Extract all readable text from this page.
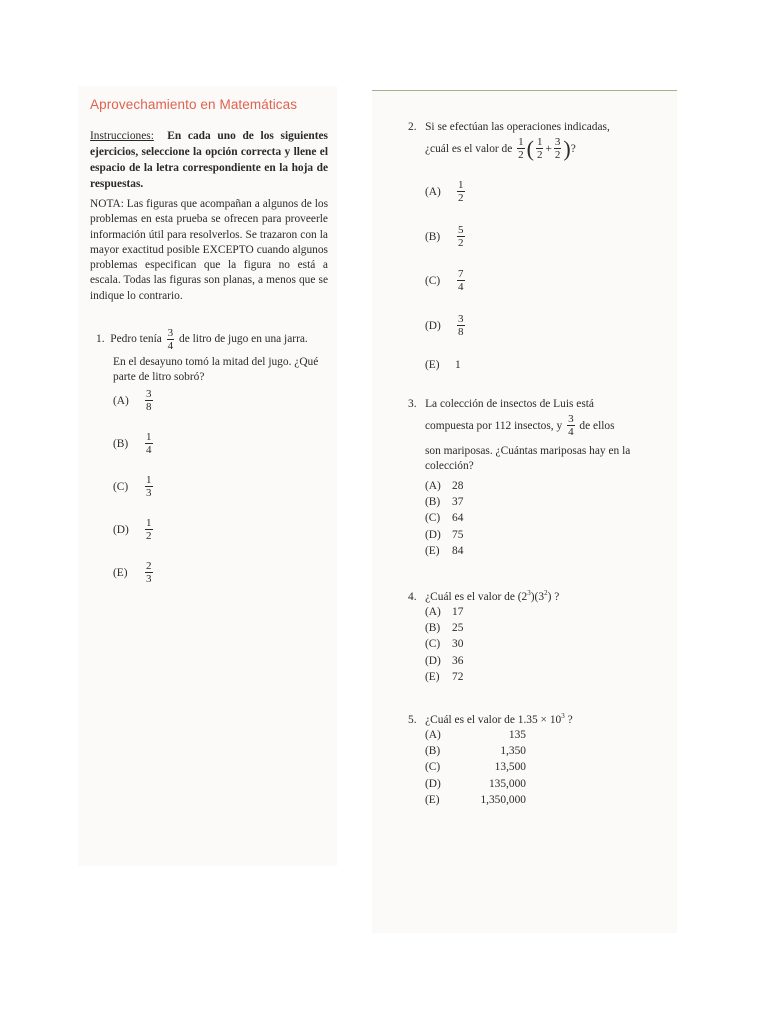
Aprovechamiento en Matemáticas
Instrucciones: En cada uno de los siguientes ejercicios, seleccione la opción correcta y llene el espacio de la letra correspondiente en la hoja de respuestas.
NOTA: Las figuras que acompañan a algunos de los problemas en esta prueba se ofrecen para proveerle información útil para resolverlos. Se trazaron con la mayor exactitud posible EXCEPTO cuando algunos problemas especifican que la figura no está a escala. Todas las figuras son planas, a menos que se indique lo contrario.
1. Pedro tenía $\frac{3}{4}$ de litro de jugo en una jarra.
En el desayuno tomó la mitad del jugo. ¿Qué
parte de litro sobró?
(A)	$\frac{3}{8}$
(B)	$\frac{1}{4}$
(C)	$\frac{1}{3}$
(D)	$\frac{1}{2}$
(E)	$\frac{2}{3}$
2. Si se efectúan las operaciones indicadas,
¿cuál es el valor de
$\frac{1}{2}$ ( $\frac{1}{2} + \frac{3}{2}$ ) ?
(A)	$\frac{1}{2}$
(B)	$\frac{5}{2}$
(C)	$\frac{7}{4}$
(D)	$\frac{3}{8}$
(E)	1
3. La colección de insectos de Luis está
compuesta por 112 insectos, y
$\frac{3}{4}$
de ellos
son mariposas. ¿Cuántas mariposas hay en la
colección?
(A) 28
(B)	37
(C)	64
(D) 75
(E)	84
4. ¿Cuál es el valor de $(2^3)(3^2)$ ?
(A) 17
(B)	25
(C)	30
(D) 36
(E)	72
5. ¿Cuál es el valor de $1.35 \times 10^3$ ?
(A)	135
(B)	1,350
(C)	13,500
(D)	135,000
(E)	1,350,000
